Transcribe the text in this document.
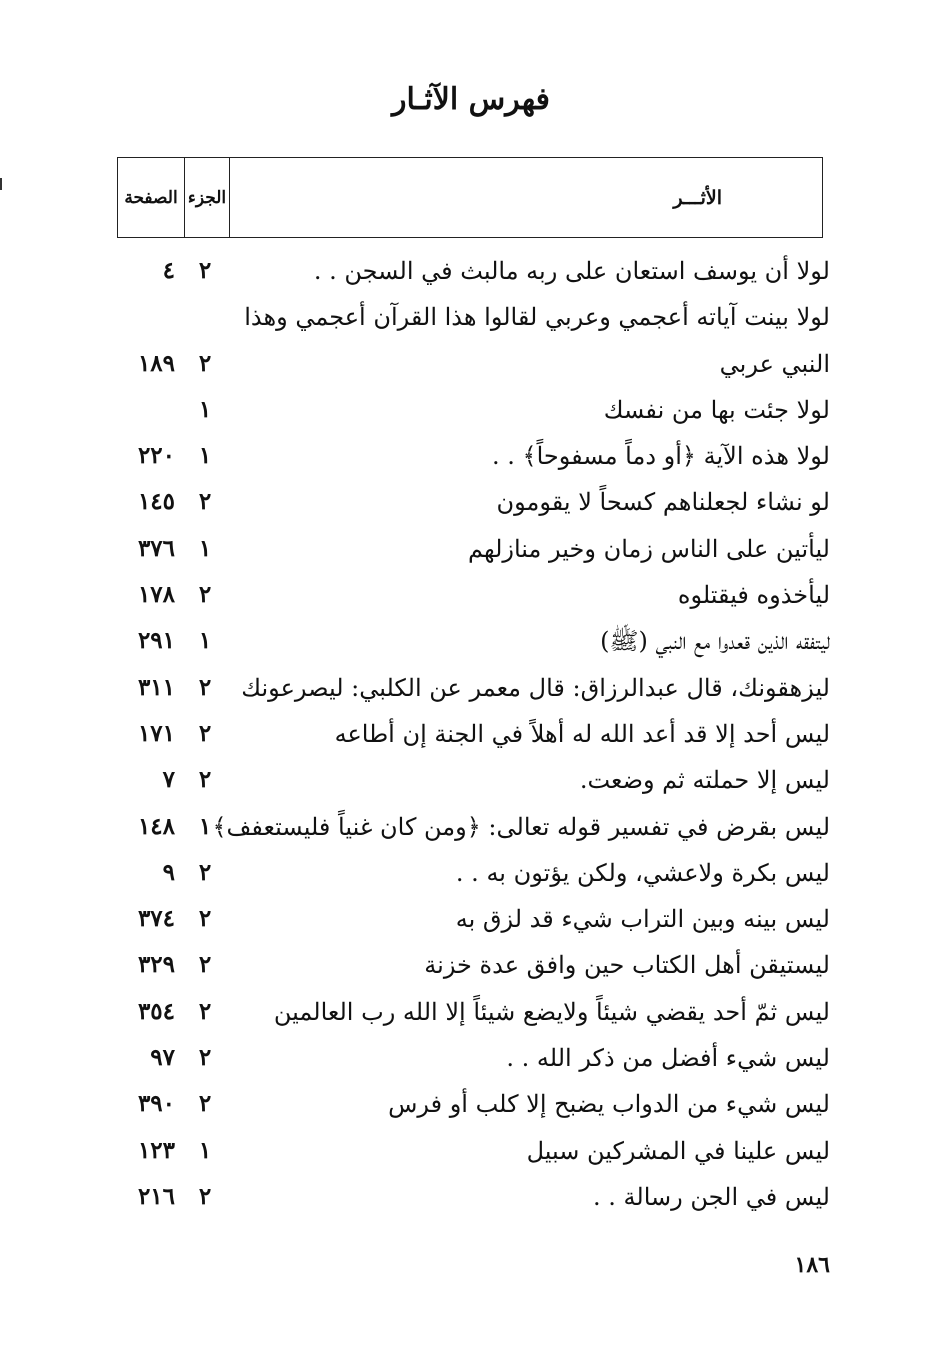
فهرس الآثـار
الأثـــر
الجزء
الصفحة
لولا أن يوسف استعان على ربه مالبث في السجن . .
٢
٤
لولا بينت آياته أعجمي وعربي لقالوا هذا القرآن أعجمي وهذا
النبي عربي
٢
١٨٩
لولا جئت بها من نفسك
١
لولا هذه الآية ﴿أو دماً مسفوحاً﴾ . .
١
٢٢٠
لو نشاء لجعلناهم كسحاً لا يقومون
٢
١٤٥
ليأتين على الناس زمان وخير منازلهم
١
٣٧٦
ليأخذوه فيقتلوه
٢
١٧٨
ليتفقه الذين قعدوا مع النبي (ﷺ)
١
٢٩١
ليزهقونك، قال عبدالرزاق: قال معمر عن الكلبي: ليصرعونك
٢
٣١١
ليس أحد إلا قد أعد الله له أهلاً في الجنة إن أطاعه
٢
١٧١
ليس إلا حملته ثم وضعت.
٢
٧
ليس بقرض في تفسير قوله تعالى: ﴿ومن كان غنياً فليستعفف﴾
١
١٤٨
ليس بكرة ولاعشي، ولكن يؤتون به . .
٢
٩
ليس بينه وبين التراب شيء قد لزق به
٢
٣٧٤
ليستيقن أهل الكتاب حين وافق عدة خزنة
٢
٣٢٩
ليس ثمّ أحد يقضي شيئاً ولايضع شيئاً إلا الله رب العالمين
٢
٣٥٤
ليس شيء أفضل من ذكر الله . .
٢
٩٧
ليس شيء من الدواب يضبح إلا كلب أو فرس
٢
٣٩٠
ليس علينا في المشركين سبيل
١
١٢٣
ليس في الجن رسالة . .
٢
٢١٦
١٨٦
